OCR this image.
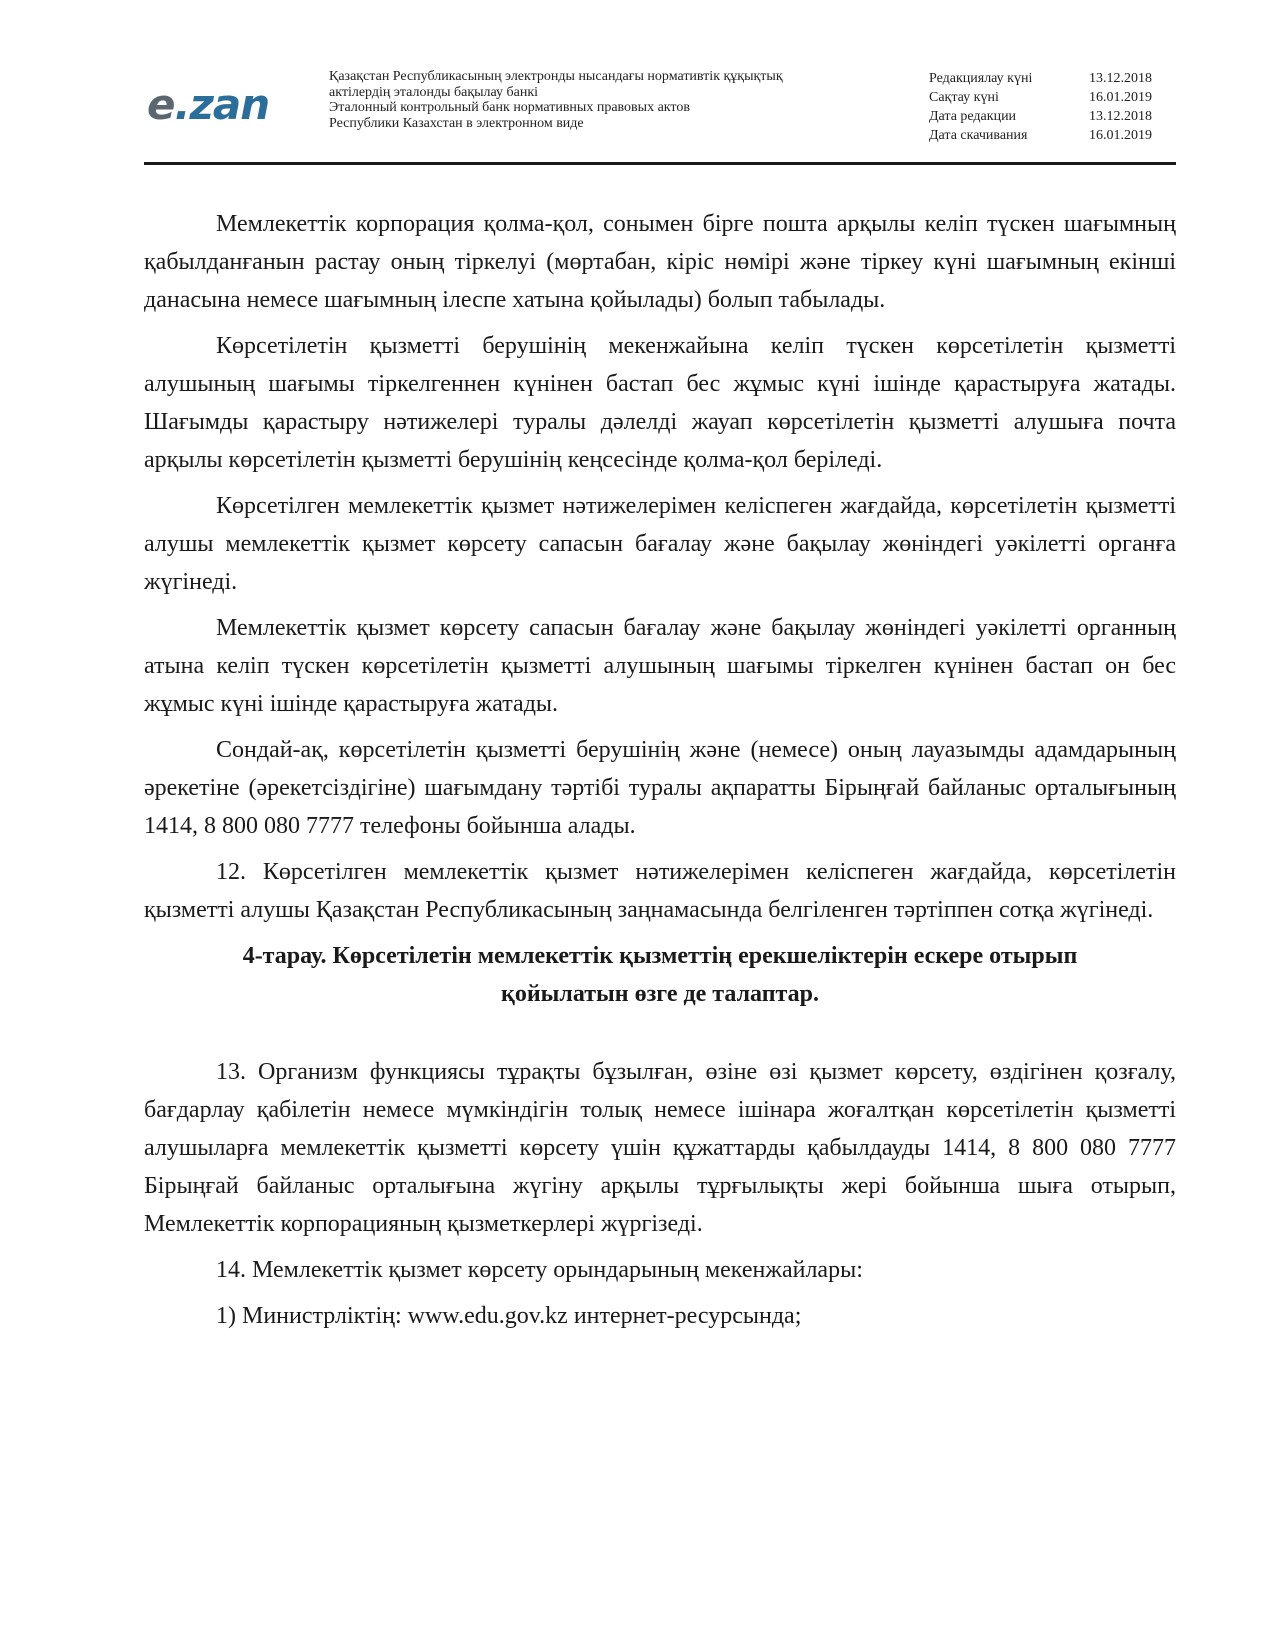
e.zan
Қазақстан Республикасының электронды нысандағы нормативтік құқықтық
актілердің эталонды бақылау банкі
Эталонный контрольный банк нормативных правовых актов
Республики Казахстан в электронном виде
Редакциялау күні	13.12.2018
Сақтау күні	16.01.2019
Дата редакции	13.12.2018
Дата скачивания	16.01.2019

Мемлекеттік корпорация қолма-қол, сонымен бірге пошта арқылы келіп түскен шағымның қабылданғанын растау оның тіркелуі (мөртабан, кіріс нөмірі және тіркеу күні шағымның екінші данасына немесе шағымның ілеспе хатына қойылады) болып табылады.

Көрсетілетін қызметті берушінің мекенжайына келіп түскен көрсетілетін қызметті алушының шағымы тіркелгеннен күнінен бастап бес жұмыс күні ішінде қарастыруға жатады. Шағымды қарастыру нәтижелері туралы дәлелді жауап көрсетілетін қызметті алушыға почта арқылы көрсетілетін қызметті берушінің кеңсесінде қолма-қол беріледі.

Көрсетілген мемлекеттік қызмет нәтижелерімен келіспеген жағдайда, көрсетілетін қызметті алушы мемлекеттік қызмет көрсету сапасын бағалау және бақылау жөніндегі уәкілетті органға жүгінеді.

Мемлекеттік қызмет көрсету сапасын бағалау және бақылау жөніндегі уәкілетті органның атына келіп түскен көрсетілетін қызметті алушының шағымы тіркелген күнінен бастап он бес жұмыс күні ішінде қарастыруға жатады.

Сондай-ақ, көрсетілетін қызметті берушінің және (немесе) оның лауазымды адамдарының әрекетіне (әрекетсіздігіне) шағымдану тәртібі туралы ақпаратты Бірыңғай байланыс орталығының 1414, 8 800 080 7777 телефоны бойынша алады.

12. Көрсетілген мемлекеттік қызмет нәтижелерімен келіспеген жағдайда, көрсетілетін қызметті алушы Қазақстан Республикасының заңнамасында белгіленген тәртіппен сотқа жүгінеді.

4-тарау. Көрсетілетін мемлекеттік қызметтің ерекшеліктерін ескере отырып
қойылатын өзге де талаптар.

13. Организм функциясы тұрақты бұзылған, өзіне өзі қызмет көрсету, өздігінен қозғалу, бағдарлау қабілетін немесе мүмкіндігін толық немесе ішінара жоғалтқан көрсетілетін қызметті алушыларға мемлекеттік қызметті көрсету үшін құжаттарды қабылдауды 1414, 8 800 080 7777 Бірыңғай байланыс орталығына жүгіну арқылы тұрғылықты жері бойынша шыға отырып, Мемлекеттік корпорацияның қызметкерлері жүргізеді.

14. Мемлекеттік қызмет көрсету орындарының мекенжайлары:

1) Министрліктің: www.edu.gov.kz интернет-ресурсында;
